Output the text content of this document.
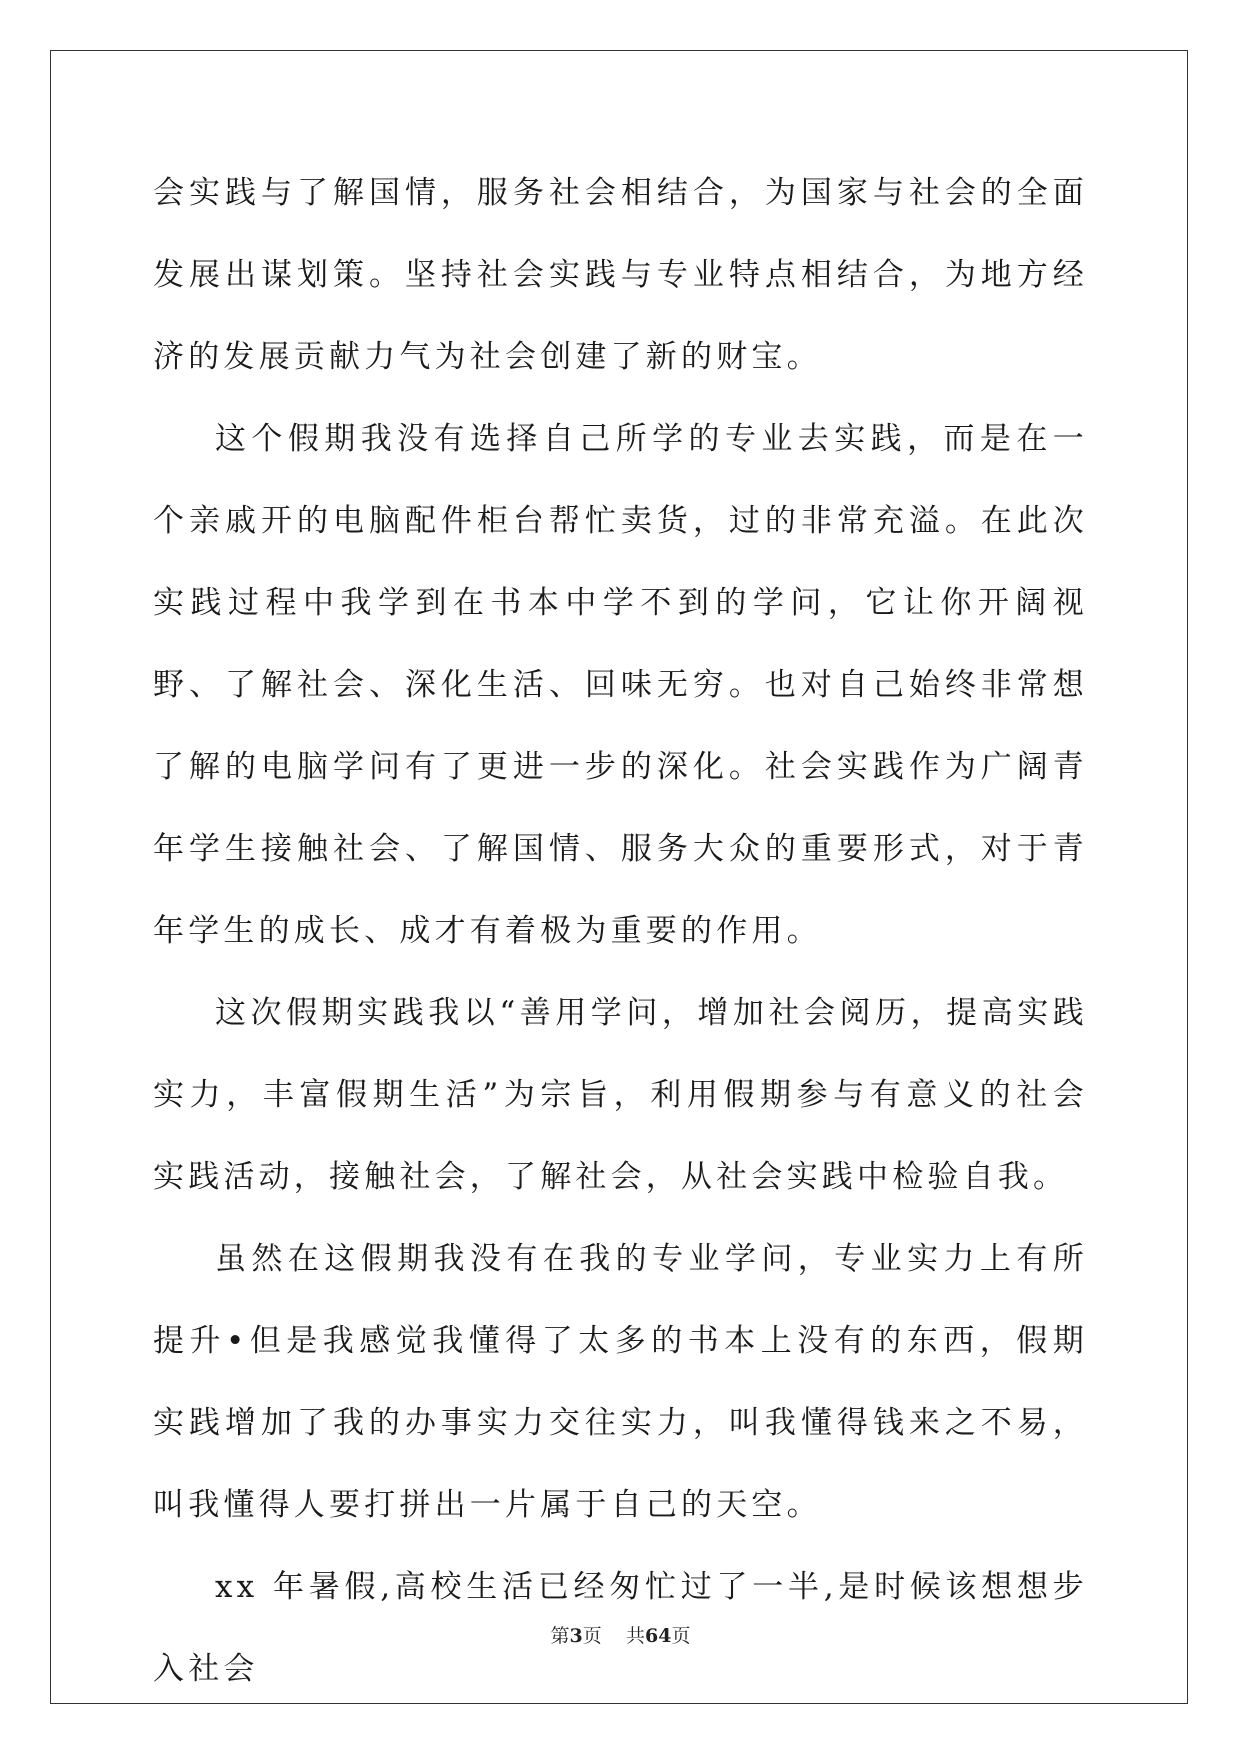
会实践与了解国情，服务社会相结合，为国家与社会的全面发展出谋划策。坚持社会实践与专业特点相结合，为地方经济的发展贡献力气为社会创建了新的财宝。

这个假期我没有选择自己所学的专业去实践，而是在一个亲戚开的电脑配件柜台帮忙卖货，过的非常充溢。在此次实践过程中我学到在书本中学不到的学问，它让你开阔视野、了解社会、深化生活、回味无穷。也对自己始终非常想了解的电脑学问有了更进一步的深化。社会实践作为广阔青年学生接触社会、了解国情、服务大众的重要形式，对于青年学生的成长、成才有着极为重要的作用。

这次假期实践我以“善用学问，增加社会阅历，提高实践实力，丰富假期生活”为宗旨，利用假期参与有意义的社会实践活动，接触社会，了解社会，从社会实践中检验自我。

虽然在这假期我没有在我的专业学问，专业实力上有所提升•但是我感觉我懂得了太多的书本上没有的东西，假期实践增加了我的办事实力交往实力，叫我懂得钱来之不易，叫我懂得人要打拼出一片属于自己的天空。

xx 年暑假,高校生活已经匆忙过了一半,是时候该想想步入社会

第3页 共64页
